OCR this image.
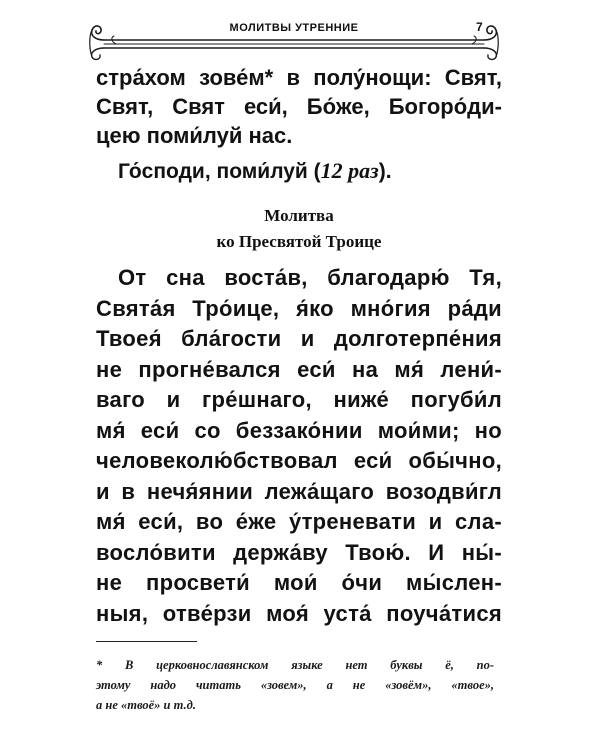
МОЛИТВЫ УТРЕННИЕ	7
стра́хом зове́м* в полу́нощи: Свят,
Свят, Свят еси́, Бо́же, Богоро́ди-
цею поми́луй нас.
Го́споди, поми́луй (12 раз).
Молитва
ко Пресвятой Троице
От сна воста́в, благодарю́ Тя,
Свята́я Тро́ице, я́ко мно́гия ра́ди
Твоея́ бла́гости и долготерпе́ния
не прогне́вался еси́ на мя́ лени́-
ваго и гре́шнаго, ниже́ погуби́л
мя́ еси́ со беззако́нии мои́ми; но
человеколю́бствовал еси́ обы́чно,
и в нечя́янии лежа́щаго возодви́гл
мя́ еси́, во е́же у́треневати и сла-
восло́вити держа́ву Твою́. И ны́-
не просвети́ мои́ о́чи мы́слен-
ныя, отве́рзи моя́ уста́ поуча́тися
* В церковнославянском языке нет буквы ё, по-
этому надо читать «зовем», а не «зовём», «твое»,
а не «твоё» и т.д.
